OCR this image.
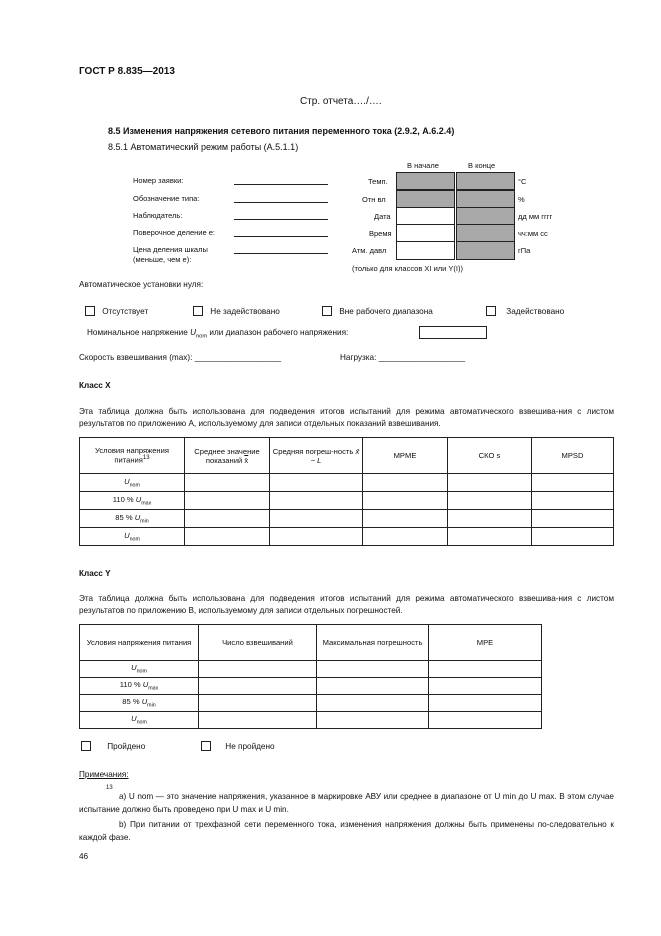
ГОСТ Р 8.835—2013
Стр. отчета…./….
8.5 Изменения напряжения сетевого питания переменного тока (2.9.2, А.6.2.4)
8.5.1 Автоматический режим работы (А.5.1.1)
Номер заявки:
Обозначение типа:
Наблюдатель:
Поверочное деление e:
Цена деления шкалы
(меньше, чем e):
В начале	В конце
Темп.	°C
Отн вл	%
Дата	дд мм гггг
Время	чч:мм сс
Атм. давл	гПа
(только для классов XI или Y(I))
Автоматическое установки нуля:
Отсутствует	Не задействовано	Вне рабочего диапазона	Задействовано
Номинальное напряжение $U_{nom}$ или диапазон рабочего напряжения:
Скорость взвешивания (max): ___________________	Нагрузка: ___________________
Класс X
Эта таблица должна быть использована для подведения итогов испытаний для режима автоматического взвешива-ния с листом результатов по приложению А, используемому для записи отдельных показаний взвешивания.
Условия напряжения питания$^{13}$	Среднее значение показаний x̄	Средняя погреш-ность x̄ − L	MPME	СКО s	MPSD
$U_{nom}$					
110 % $U_{max}$					
85 % $U_{min}$					
$U_{nom}$					
Класс Y
Эта таблица должна быть использована для подведения итогов испытаний для режима автоматического взвешива-ния с листом результатов по приложению В, используемому для записи отдельных погрешностей.
Условия напряжения питания	Число взвешиваний	Максимальная погрешность	MPE
$U_{nom}$			
110 % $U_{max}$			
85 % $U_{min}$			
$U_{nom}$			
Пройдено	Не пройдено
Примечания:
13
а) U nom — это значение напряжения, указанное в маркировке АВУ или среднее в диапазоне от U min до U max. В этом случае испытание должно быть проведено при U max и U min.
b) При питании от трехфазной сети переменного тока, изменения напряжения должны быть применены по-следовательно к каждой фазе.
46
